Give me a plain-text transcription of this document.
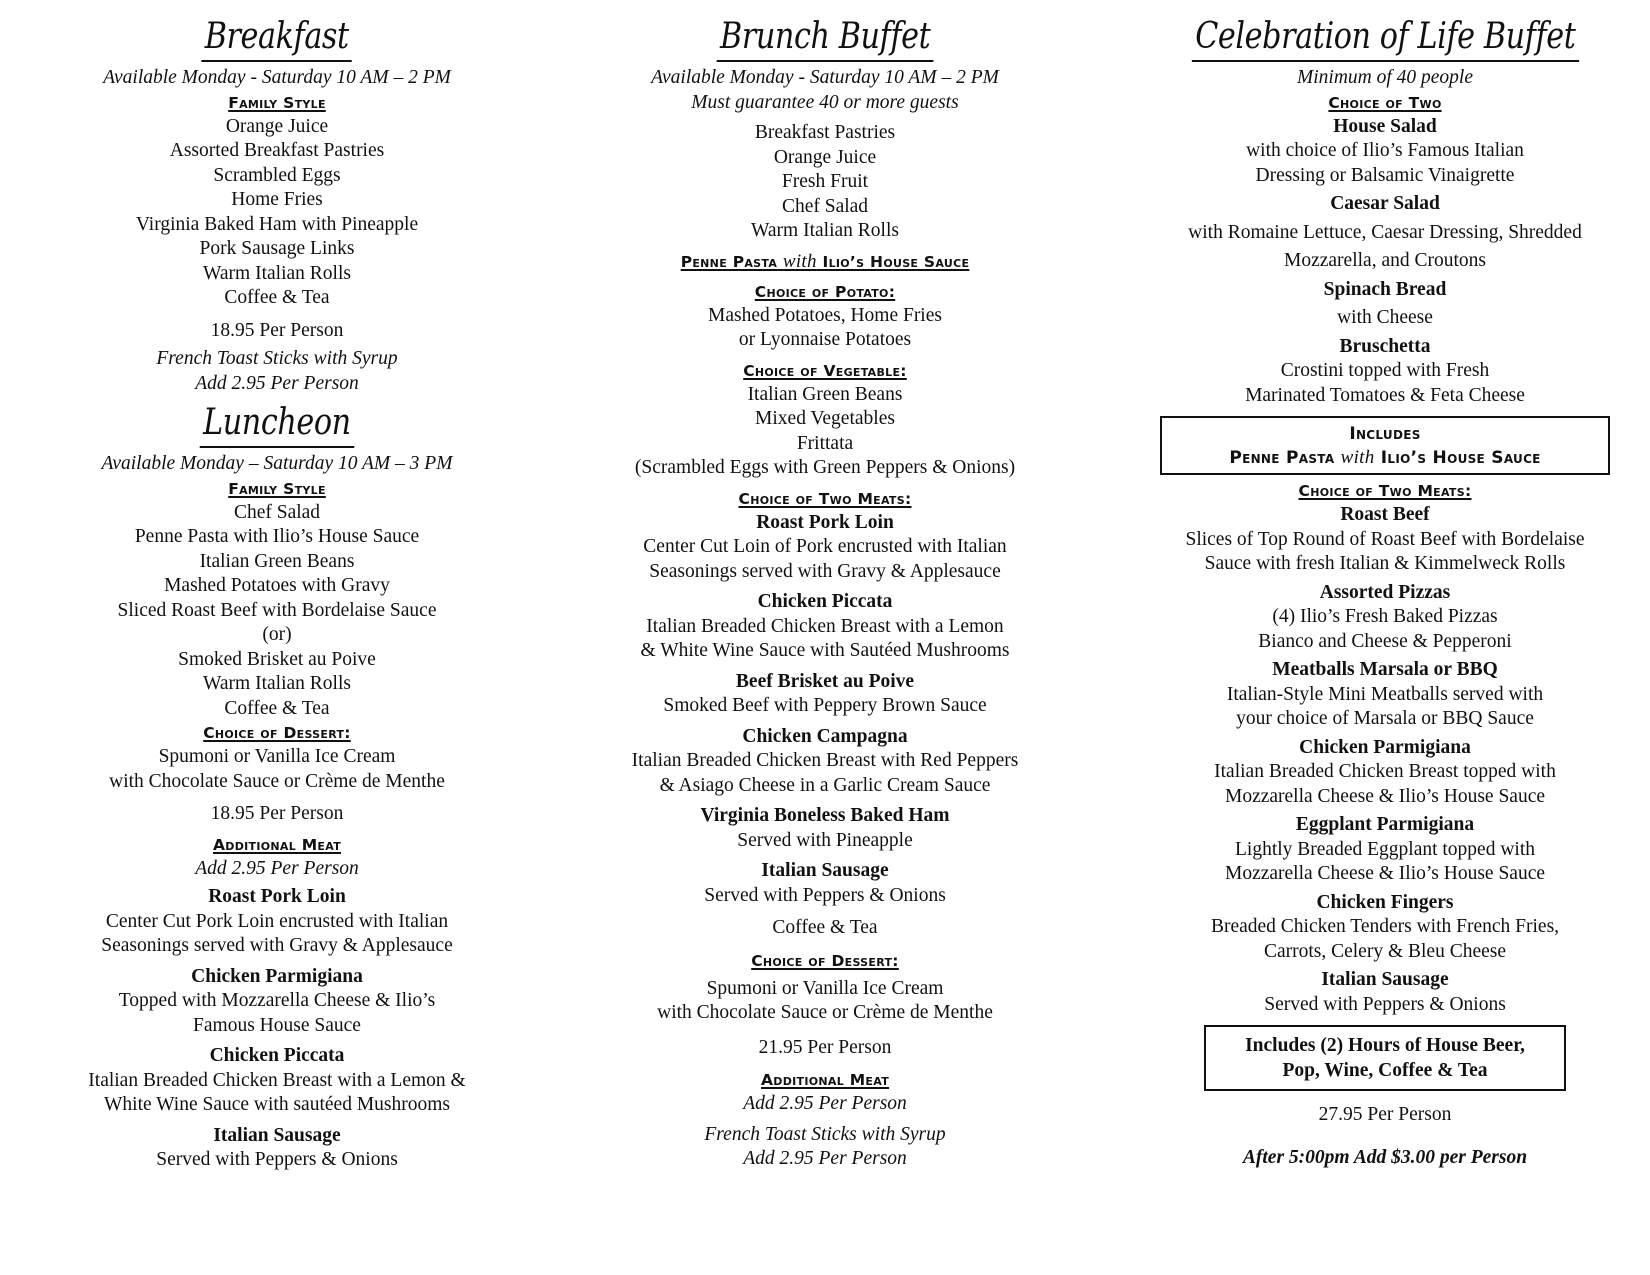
Breakfast
Available Monday - Saturday 10 AM – 2 PM
Family Style
Orange Juice
Assorted Breakfast Pastries
Scrambled Eggs
Home Fries
Virginia Baked Ham with Pineapple
Pork Sausage Links
Warm Italian Rolls
Coffee & Tea
18.95 Per Person
French Toast Sticks with Syrup
Add 2.95 Per Person
Luncheon
Available Monday – Saturday 10 AM – 3 PM
Family Style
Chef Salad
Penne Pasta with Ilio’s House Sauce
Italian Green Beans
Mashed Potatoes with Gravy
Sliced Roast Beef with Bordelaise Sauce
(or)
Smoked Brisket au Poive
Warm Italian Rolls
Coffee & Tea
Choice of Dessert:
Spumoni or Vanilla Ice Cream
with Chocolate Sauce or Crème de Menthe
18.95 Per Person
Additional Meat
Add 2.95 Per Person
Roast Pork Loin
Center Cut Pork Loin encrusted with Italian
Seasonings served with Gravy & Applesauce
Chicken Parmigiana
Topped with Mozzarella Cheese & Ilio’s
Famous House Sauce
Chicken Piccata
Italian Breaded Chicken Breast with a Lemon &
White Wine Sauce with sautéed Mushrooms
Italian Sausage
Served with Peppers & Onions
Brunch Buffet
Available Monday - Saturday 10 AM – 2 PM
Must guarantee 40 or more guests
Breakfast Pastries
Orange Juice
Fresh Fruit
Chef Salad
Warm Italian Rolls
Penne Pasta with Ilio’s House Sauce
Choice of Potato:
Mashed Potatoes, Home Fries
or Lyonnaise Potatoes
Choice of Vegetable:
Italian Green Beans
Mixed Vegetables
Frittata
(Scrambled Eggs with Green Peppers & Onions)
Choice of Two Meats:
Roast Pork Loin
Center Cut Loin of Pork encrusted with Italian
Seasonings served with Gravy & Applesauce
Chicken Piccata
Italian Breaded Chicken Breast with a Lemon
& White Wine Sauce with Sautéed Mushrooms
Beef Brisket au Poive
Smoked Beef with Peppery Brown Sauce
Chicken Campagna
Italian Breaded Chicken Breast with Red Peppers
& Asiago Cheese in a Garlic Cream Sauce
Virginia Boneless Baked Ham
Served with Pineapple
Italian Sausage
Served with Peppers & Onions
Coffee & Tea
Choice of Dessert:
Spumoni or Vanilla Ice Cream
with Chocolate Sauce or Crème de Menthe
21.95 Per Person
Additional Meat
Add 2.95 Per Person
French Toast Sticks with Syrup
Add 2.95 Per Person
Celebration of Life Buffet
Minimum of 40 people
Choice of Two
House Salad
with choice of Ilio’s Famous Italian
Dressing or Balsamic Vinaigrette
Caesar Salad
with Romaine Lettuce, Caesar Dressing, Shredded
Mozzarella, and Croutons
Spinach Bread
with Cheese
Bruschetta
Crostini topped with Fresh
Marinated Tomatoes & Feta Cheese
Includes
Penne Pasta with Ilio’s House Sauce
Choice of Two Meats:
Roast Beef
Slices of Top Round of Roast Beef with Bordelaise
Sauce with fresh Italian & Kimmelweck Rolls
Assorted Pizzas
(4) Ilio’s Fresh Baked Pizzas
Bianco and Cheese & Pepperoni
Meatballs Marsala or BBQ
Italian-Style Mini Meatballs served with
your choice of Marsala or BBQ Sauce
Chicken Parmigiana
Italian Breaded Chicken Breast topped with
Mozzarella Cheese & Ilio’s House Sauce
Eggplant Parmigiana
Lightly Breaded Eggplant topped with
Mozzarella Cheese & Ilio’s House Sauce
Chicken Fingers
Breaded Chicken Tenders with French Fries,
Carrots, Celery & Bleu Cheese
Italian Sausage
Served with Peppers & Onions
Includes (2) Hours of House Beer,
Pop, Wine, Coffee & Tea
27.95 Per Person
After 5:00pm Add $3.00 per Person
